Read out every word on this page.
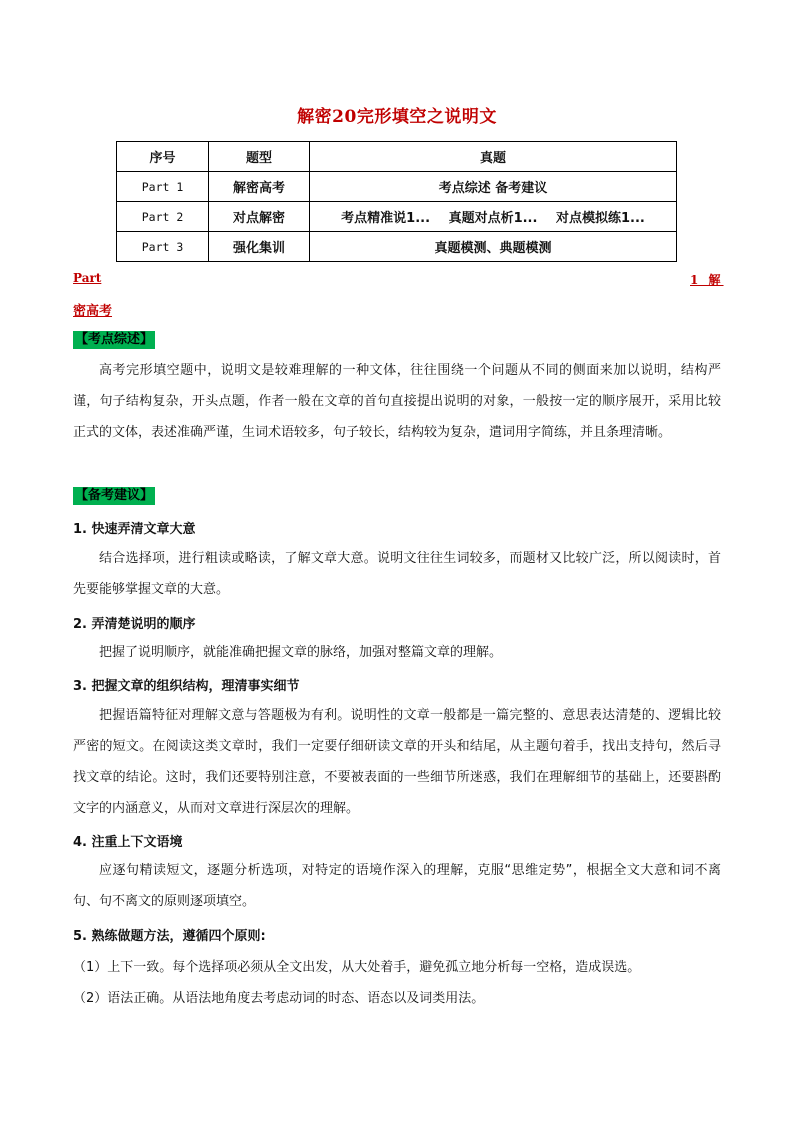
解密20完形填空之说明文
序号	题型	真题
Part 1	解密高考	考点综述 备考建议
Part 2	对点解密	考点精准说1... 真题对点析1... 对点模拟练1...
Part 3	强化集训	真题模测、典题模测
Part	1 解
密高考
【考点综述】

高考完形填空题中，说明文是较难理解的一种文体，往往围绕一个问题从不同的侧面来加以说明，结构严谨，句子结构复杂，开头点题，作者一般在文章的首句直接提出说明的对象，一般按一定的顺序展开，采用比较正式的文体，表述准确严谨，生词术语较多，句子较长，结构较为复杂，遣词用字简练，并且条理清晰。

【备考建议】
1. 快速弄清文章大意

结合选择项，进行粗读或略读，了解文章大意。说明文往往生词较多，而题材又比较广泛，所以阅读时，首先要能够掌握文章的大意。

2. 弄清楚说明的顺序

把握了说明顺序，就能准确把握文章的脉络，加强对整篇文章的理解。

3. 把握文章的组织结构，理清事实细节

把握语篇特征对理解文意与答题极为有利。说明性的文章一般都是一篇完整的、意思表达清楚的、逻辑比较严密的短文。在阅读这类文章时，我们一定要仔细研读文章的开头和结尾，从主题句着手，找出支持句，然后寻找文章的结论。这时，我们还要特别注意，不要被表面的一些细节所迷惑，我们在理解细节的基础上，还要斟酌文字的内涵意义，从而对文章进行深层次的理解。

4. 注重上下文语境

应逐句精读短文，逐题分析选项，对特定的语境作深入的理解，克服“思维定势”，根据全文大意和词不离句、句不离文的原则逐项填空。

5. 熟练做题方法，遵循四个原则:
（1）上下一致。每个选择项必须从全文出发，从大处着手，避免孤立地分析每一空格，造成误选。
（2）语法正确。从语法地角度去考虑动词的时态、语态以及词类用法。
